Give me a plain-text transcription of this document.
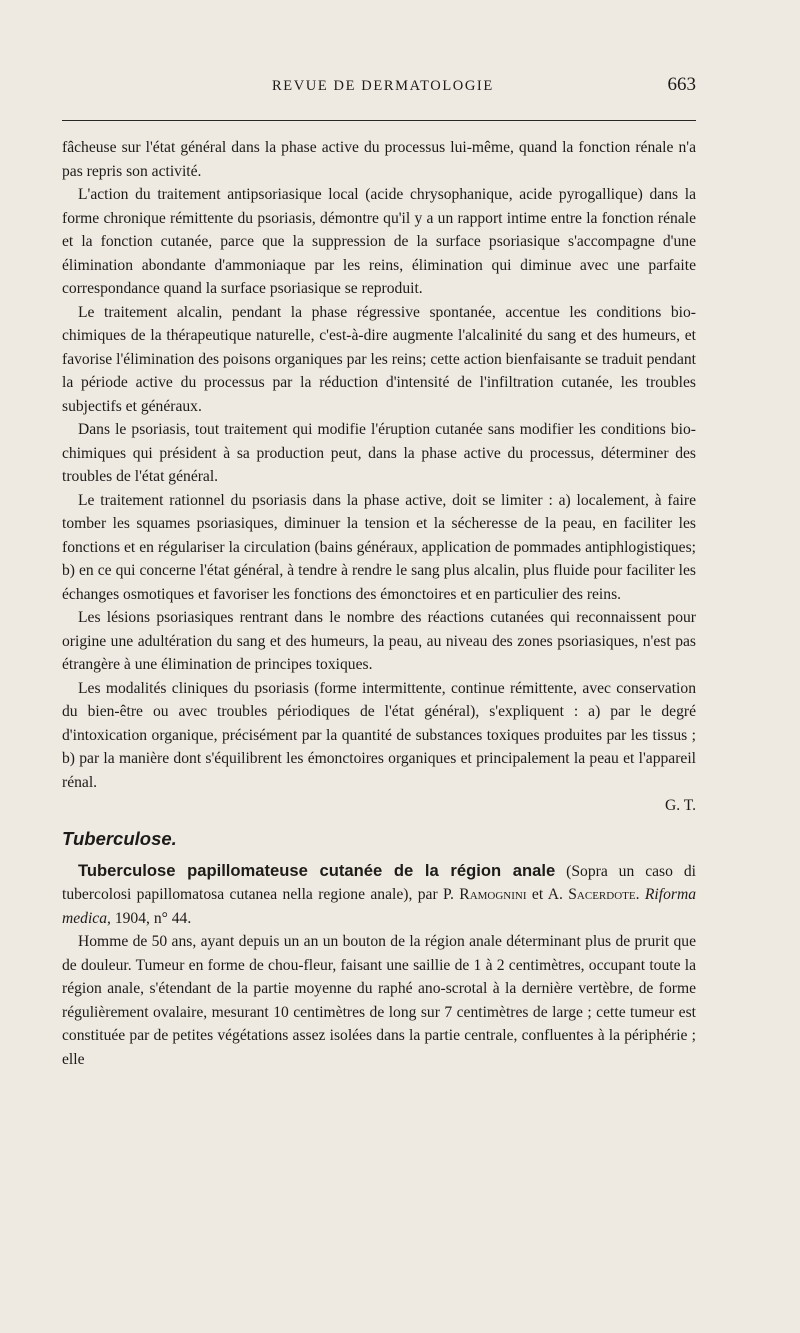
REVUE DE DERMATOLOGIE	663

fâcheuse sur l'état général dans la phase active du processus lui-même, quand la fonction rénale n'a pas repris son activité.

L'action du traitement antipsoriasique local (acide chrysophanique, acide pyrogallique) dans la forme chronique rémittente du psoriasis, démontre qu'il y a un rapport intime entre la fonction rénale et la fonction cutanée, parce que la suppression de la surface psoriasique s'accompagne d'une élimination abondante d'ammoniaque par les reins, élimination qui diminue avec une parfaite correspondance quand la surface psoriasique se reproduit.

Le traitement alcalin, pendant la phase régressive spontanée, accentue les conditions bio-chimiques de la thérapeutique naturelle, c'est-à-dire augmente l'alcalinité du sang et des humeurs, et favorise l'élimination des poisons organiques par les reins; cette action bienfaisante se traduit pendant la période active du processus par la réduction d'intensité de l'infiltration cutanée, les troubles subjectifs et généraux.

Dans le psoriasis, tout traitement qui modifie l'éruption cutanée sans modifier les conditions bio-chimiques qui président à sa production peut, dans la phase active du processus, déterminer des troubles de l'état général.

Le traitement rationnel du psoriasis dans la phase active, doit se limiter : a) localement, à faire tomber les squames psoriasiques, diminuer la tension et la sécheresse de la peau, en faciliter les fonctions et en régulariser la circulation (bains généraux, application de pommades antiphlogistiques; b) en ce qui concerne l'état général, à tendre à rendre le sang plus alcalin, plus fluide pour faciliter les échanges osmotiques et favoriser les fonctions des émonctoires et en particulier des reins.

Les lésions psoriasiques rentrant dans le nombre des réactions cutanées qui reconnaissent pour origine une adultération du sang et des humeurs, la peau, au niveau des zones psoriasiques, n'est pas étrangère à une élimination de principes toxiques.

Les modalités cliniques du psoriasis (forme intermittente, continue rémittente, avec conservation du bien-être ou avec troubles périodiques de l'état général), s'expliquent : a) par le degré d'intoxication organique, précisément par la quantité de substances toxiques produites par les tissus ; b) par la manière dont s'équilibrent les émonctoires organiques et principalement la peau et l'appareil rénal.

G. T.
Tuberculose.

Tuberculose papillomateuse cutanée de la région anale (Sopra un caso di tubercolosi papillomatosa cutanea nella regione anale), par P. Ramognini et A. Sacerdote. Riforma medica, 1904, n° 44.

Homme de 50 ans, ayant depuis un an un bouton de la région anale déterminant plus de prurit que de douleur. Tumeur en forme de chou-fleur, faisant une saillie de 1 à 2 centimètres, occupant toute la région anale, s'étendant de la partie moyenne du raphé ano-scrotal à la dernière vertèbre, de forme régulièrement ovalaire, mesurant 10 centimètres de long sur 7 centimètres de large ; cette tumeur est constituée par de petites végétations assez isolées dans la partie centrale, confluentes à la périphérie ; elle
